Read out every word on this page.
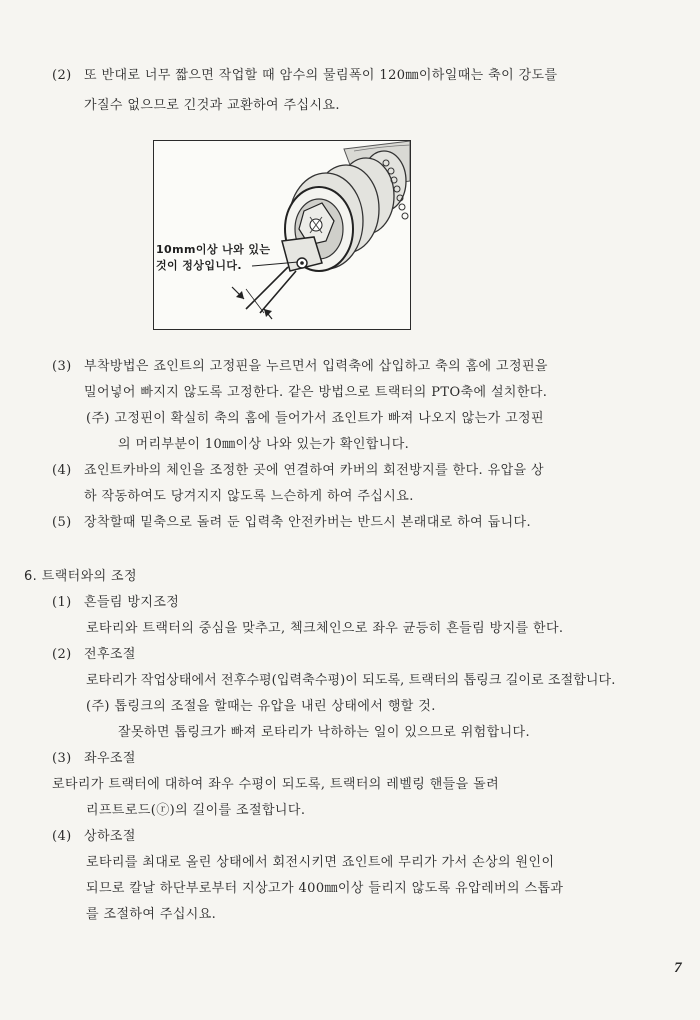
(2) 또 반대로 너무 짧으면 작업할 때 암수의 물림폭이 120㎜이하일때는 축이 강도를
가질수 없으므로 긴것과 교환하여 주십시요.
10mm이상 나와 있는
것이 정상입니다.
(3) 부착방법은 죠인트의 고정핀을 누르면서 입력축에 삽입하고 축의 홈에 고정핀을
밀어넣어 빠지지 않도록 고정한다. 같은 방법으로 트랙터의 PTO축에 설치한다.
(주) 고정핀이 확실히 축의 홈에 들어가서 죠인트가 빠져 나오지 않는가 고정핀
의 머리부분이 10㎜이상 나와 있는가 확인합니다.
(4) 죠인트카바의 체인을 조정한 곳에 연결하여 카버의 회전방지를 한다. 유압을 상
하 작동하여도 당겨지지 않도록 느슨하게 하여 주십시요.
(5) 장착할때 밑축으로 돌려 둔 입력축 안전카버는 반드시 본래대로 하여 둡니다.
6. 트랙터와의 조정
(1) 흔들림 방지조정
로타리와 트랙터의 중심을 맞추고, 첵크체인으로 좌우 균등히 흔들림 방지를 한다.
(2) 전후조절
로타리가 작업상태에서 전후수평(입력축수평)이 되도록, 트랙터의 톱링크 길이로 조절합니다.
(주) 톱링크의 조절을 할때는 유압을 내린 상태에서 행할 것.
잘못하면 톱링크가 빠져 로타리가 낙하하는 일이 있으므로 위험합니다.
(3) 좌우조절
로타리가 트랙터에 대하여 좌우 수평이 되도록, 트랙터의 레벨링 핸들을 돌려
리프트로드(ⓡ)의 길이를 조절합니다.
(4) 상하조절
로타리를 최대로 올린 상태에서 회전시키면 죠인트에 무리가 가서 손상의 원인이
되므로 칼날 하단부로부터 지상고가 400㎜이상 들리지 않도록 유압레버의 스톱과
를 조절하여 주십시요.
7
